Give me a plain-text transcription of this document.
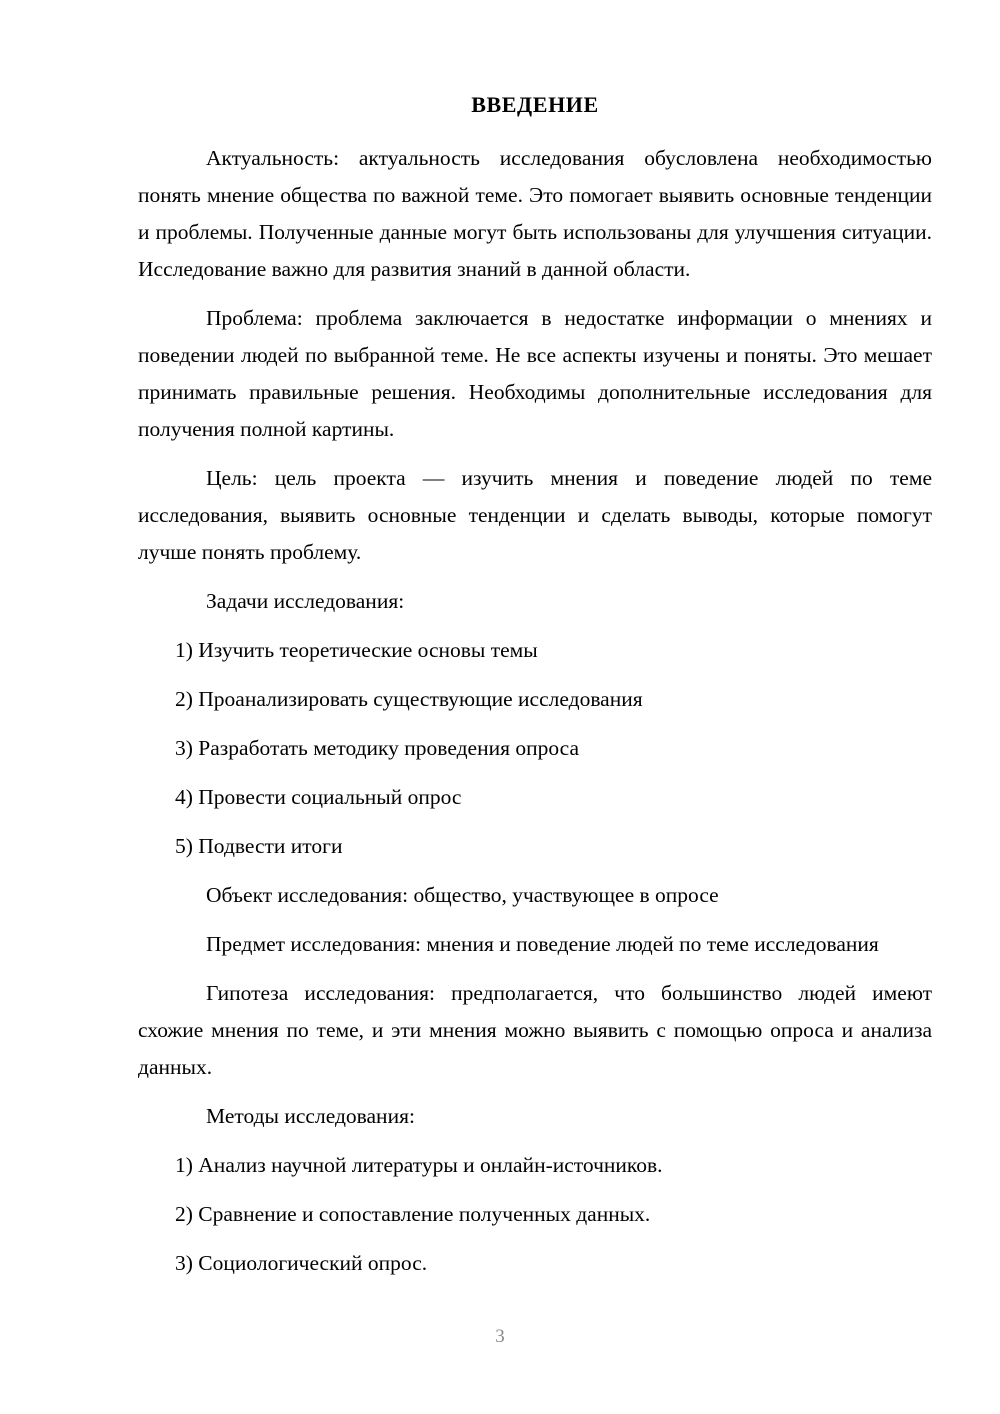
ВВЕДЕНИЕ

Актуальность: актуальность исследования обусловлена необходимостью понять мнение общества по важной теме. Это помогает выявить основные тенденции и проблемы. Полученные данные могут быть использованы для улучшения ситуации. Исследование важно для развития знаний в данной области.

Проблема: проблема заключается в недостатке информации о мнениях и поведении людей по выбранной теме. Не все аспекты изучены и поняты. Это мешает принимать правильные решения. Необходимы дополнительные исследования для получения полной картины.

Цель: цель проекта — изучить мнения и поведение людей по теме исследования, выявить основные тенденции и сделать выводы, которые помогут лучше понять проблему.

Задачи исследования:

1) Изучить теоретические основы темы
2) Проанализировать существующие исследования
3) Разработать методику проведения опроса
4) Провести социальный опрос
5) Подвести итоги

Объект исследования: общество, участвующее в опросе

Предмет исследования: мнения и поведение людей по теме исследования

Гипотеза исследования: предполагается, что большинство людей имеют схожие мнения по теме, и эти мнения можно выявить с помощью опроса и анализа данных.

Методы исследования:

1) Анализ научной литературы и онлайн-источников.
2) Сравнение и сопоставление полученных данных.
3) Социологический опрос.
3
